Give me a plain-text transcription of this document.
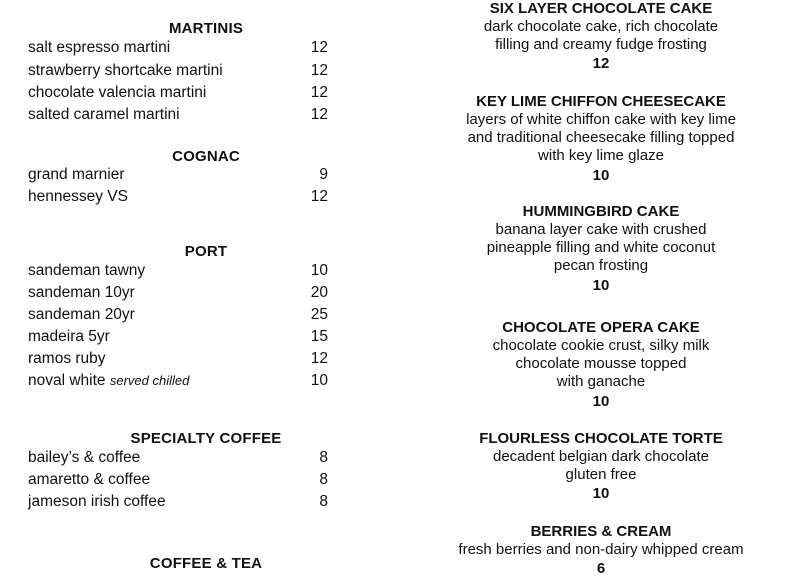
MARTINIS
salt espresso martini	12
strawberry shortcake martini	12
chocolate valencia martini	12
salted caramel martini	12
COGNAC
grand marnier	9
hennessey VS	12
PORT
sandeman tawny	10
sandeman 10yr	20
sandeman 20yr	25
madeira 5yr	15
ramos ruby	12
noval white served chilled	10
SPECIALTY COFFEE
bailey’s & coffee	8
amaretto & coffee	8
jameson irish coffee	8
COFFEE & TEA
SIX LAYER CHOCOLATE CAKE
dark chocolate cake, rich chocolate
filling and creamy fudge frosting
12
KEY LIME CHIFFON CHEESECAKE
layers of white chiffon cake with key lime
and traditional cheesecake filling topped
with key lime glaze
10
HUMMINGBIRD CAKE
banana layer cake with crushed
pineapple filling and white coconut
pecan frosting
10
CHOCOLATE OPERA CAKE
chocolate cookie crust, silky milk
chocolate mousse topped
with ganache
10
FLOURLESS CHOCOLATE TORTE
decadent belgian dark chocolate
gluten free
10
BERRIES & CREAM
fresh berries and non-dairy whipped cream
6
